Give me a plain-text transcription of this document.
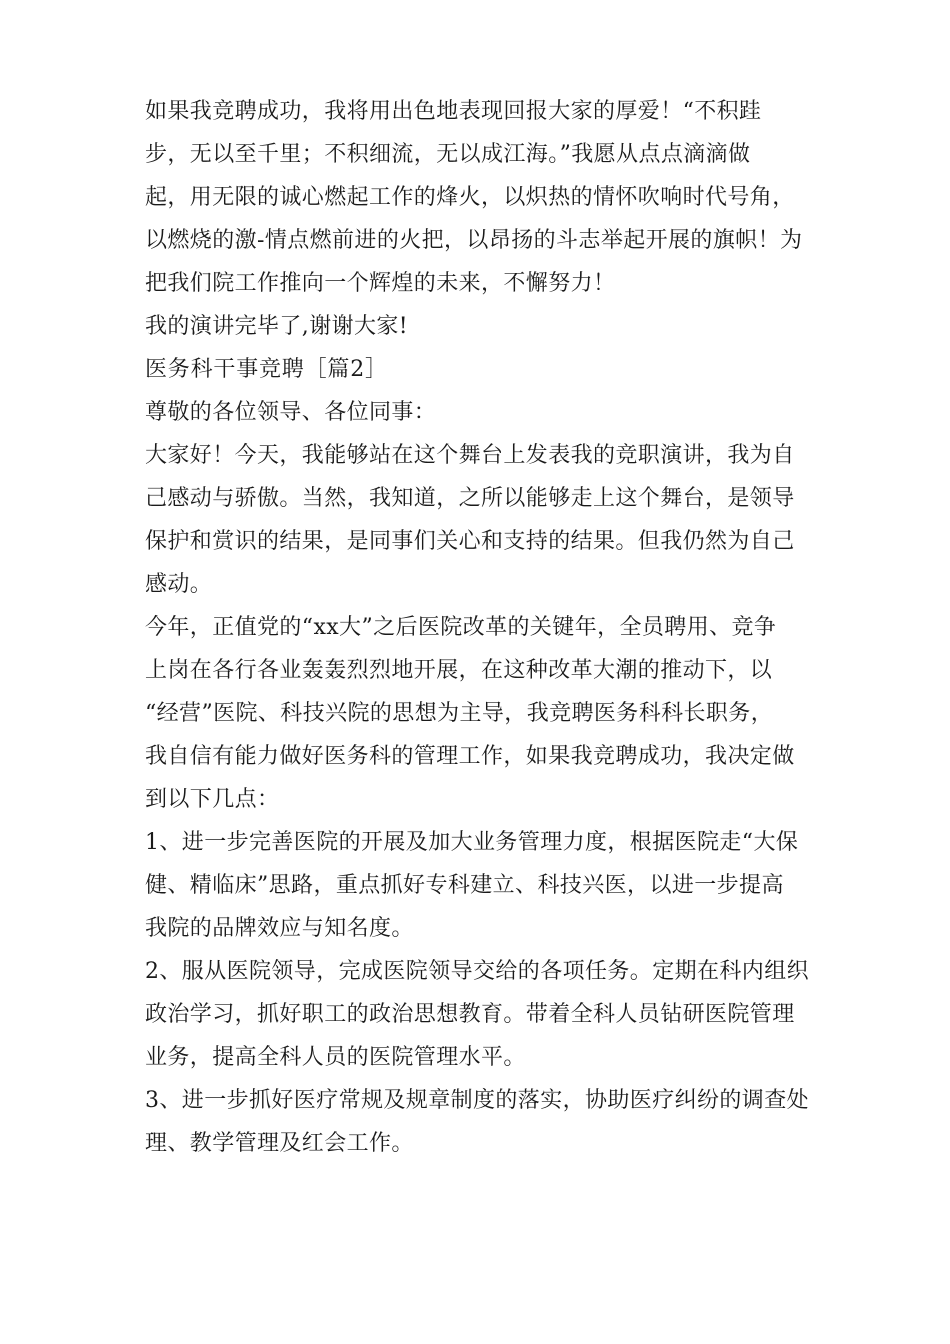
如果我竞聘成功，我将用出色地表现回报大家的厚爱！“不积跬
步，无以至千里；不积细流，无以成江海。”我愿从点点滴滴做
起，用无限的诚心燃起工作的烽火，以炽热的情怀吹响时代号角，
以燃烧的激-情点燃前进的火把，以昂扬的斗志举起开展的旗帜！为
把我们院工作推向一个辉煌的未来，不懈努力！
我的演讲完毕了,谢谢大家!
医务科干事竞聘［篇2］
尊敬的各位领导、各位同事：
大家好！今天，我能够站在这个舞台上发表我的竞职演讲，我为自
己感动与骄傲。当然，我知道，之所以能够走上这个舞台，是领导
保护和赏识的结果，是同事们关心和支持的结果。但我仍然为自己
感动。
今年，正值党的“xx大”之后医院改革的关键年，全员聘用、竞争
上岗在各行各业轰轰烈烈地开展，在这种改革大潮的推动下，以
“经营”医院、科技兴院的思想为主导，我竞聘医务科科长职务，
我自信有能力做好医务科的管理工作，如果我竞聘成功，我决定做
到以下几点：
1、进一步完善医院的开展及加大业务管理力度，根据医院走“大保
健、精临床”思路，重点抓好专科建立、科技兴医，以进一步提高
我院的品牌效应与知名度。
2、服从医院领导，完成医院领导交给的各项任务。定期在科内组织
政治学习，抓好职工的政治思想教育。带着全科人员钻研医院管理
业务，提高全科人员的医院管理水平。
3、进一步抓好医疗常规及规章制度的落实，协助医疗纠纷的调查处
理、教学管理及红会工作。
